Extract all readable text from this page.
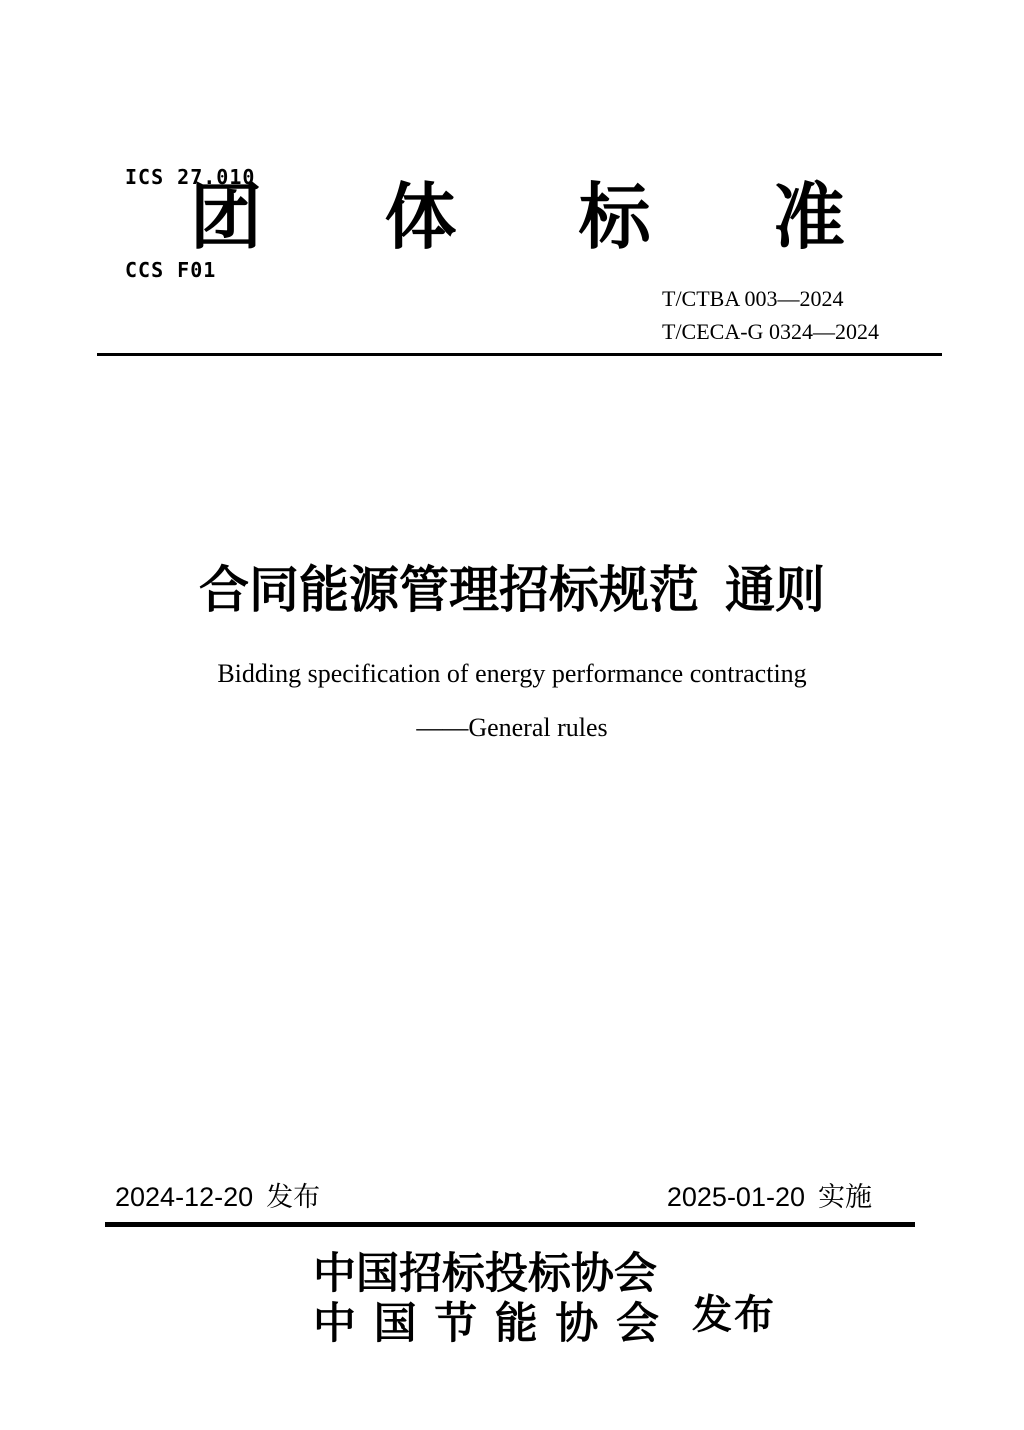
ICS 27.010

CCS F01

团 体 标 准
T/CTBA 003—2024
T/CECA-G 0324—2024
合同能源管理招标规范 通则
Bidding specification of energy performance contracting
——General rules
2024-12-20 发布	2025-01-20 实施
中国招标投标协会
中 国 节 能 协 会 发布
